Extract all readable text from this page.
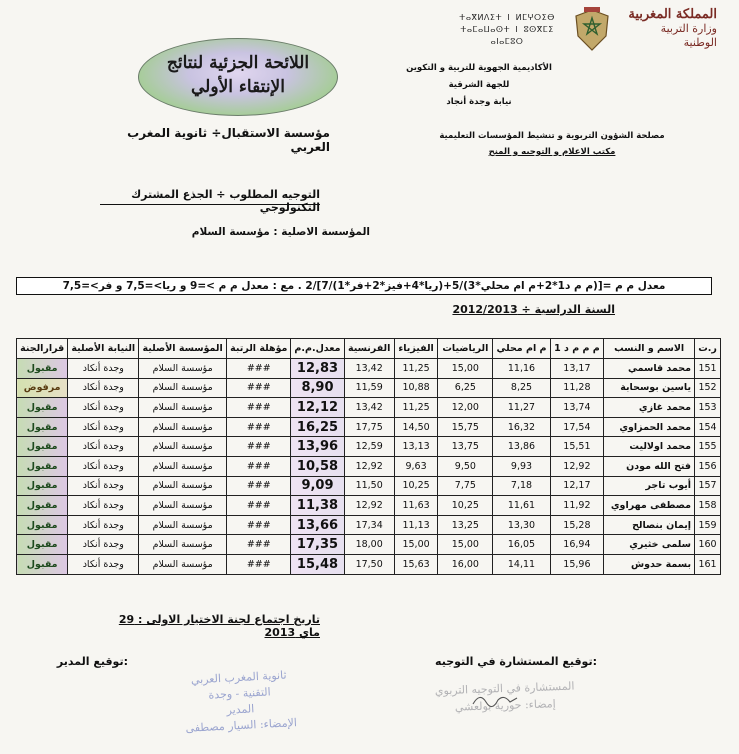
المملكة المغربية
وزارة التربية الوطنية
ⵜⴰⴳⵍⴷⵉⵜ ⵏ ⵍⵎⵖⵔⵉⴱ
ⵜⴰⵎⴰⵡⴰⵙⵜ ⵏ ⵓⵙⴳⵎⵉ ⴰⵏⴰⵎⵓⵔ
الأكاديمية الجهوية للتربية و التكوين
للجهة الشرقية
نيابة وجدة أنجاد
مصلحة الشؤون التربوية و تنشيط المؤسسات التعليمية
مكتب الاعلام و التوجيه و المنح
اللائحة الجزئية لنتائج
الإنتقاء الأولي
مؤسسة الاستقبال÷ ثانوية المغرب العربي
التوجيه المطلوب ÷ الجذع المشترك التكنولوجي
المؤسسة الاصلية : مؤسسة السلام
معدل م م =[(م م د1*2+م ام محلي*3)/5+(ريا*4+فيز*2+فر*1)/7]/2 . مع : معدل م م >=9 و ريا>=7,5 و فر>=7,5
السنة الدراسية ÷ 2012/2013
ر.ت	الاسم و النسب	م م م د 1	م ام محلي	الرياضيات	الفيزياء	الفرنسية	معدل.م.م	مؤهلة الرتبة	المؤسسة الأصلية	النيابة الأصلية	قرارالجنة
151	محمد قاسمي	13,17	11,16	15,00	11,25	13,42	12,83	###	مؤسسة السلام	وجدة أنكاد	مقبول
152	ياسين بوسحابة	11,28	8,25	6,25	10,88	11,59	8,90	###	مؤسسة السلام	وجدة أنكاد	مرفوض
153	محمد غازي	13,74	11,27	12,00	11,25	13,42	12,12	###	مؤسسة السلام	وجدة أنكاد	مقبول
154	محمد الحمزاوي	17,54	16,32	15,75	14,50	17,75	16,25	###	مؤسسة السلام	وجدة أنكاد	مقبول
155	محمد اولاليت	15,51	13,86	13,75	13,13	12,59	13,96	###	مؤسسة السلام	وجدة أنكاد	مقبول
156	فتح الله مودن	12,92	9,93	9,50	9,63	12,92	10,58	###	مؤسسة السلام	وجدة أنكاد	مقبول
157	أيوب تاجر	12,17	7,18	7,75	10,25	11,50	9,09	###	مؤسسة السلام	وجدة أنكاد	مقبول
158	مصطفى مهراوي	11,92	11,61	10,25	11,63	12,92	11,38	###	مؤسسة السلام	وجدة أنكاد	مقبول
159	إيمان بنصالح	15,28	13,30	13,25	11,13	17,34	13,66	###	مؤسسة السلام	وجدة أنكاد	مقبول
160	سلمى خثيري	16,94	16,05	15,00	15,00	18,00	17,35	###	مؤسسة السلام	وجدة أنكاد	مقبول
161	بسمة حدوش	15,96	14,11	16,00	15,63	17,50	15,48	###	مؤسسة السلام	وجدة أنكاد	مقبول
تاريخ اجتماع لجنة الاختيار الاولى : 29 ماي 2013
توقيع المستشارة في التوجيه:
توقيع المدير:
ثانوية المغرب العربي
التقنية - وجدة
المدير
الإمضاء: السيار مصطفى
المستشارة في التوجيه التربوي
إمضاء: حورية بولعشي
